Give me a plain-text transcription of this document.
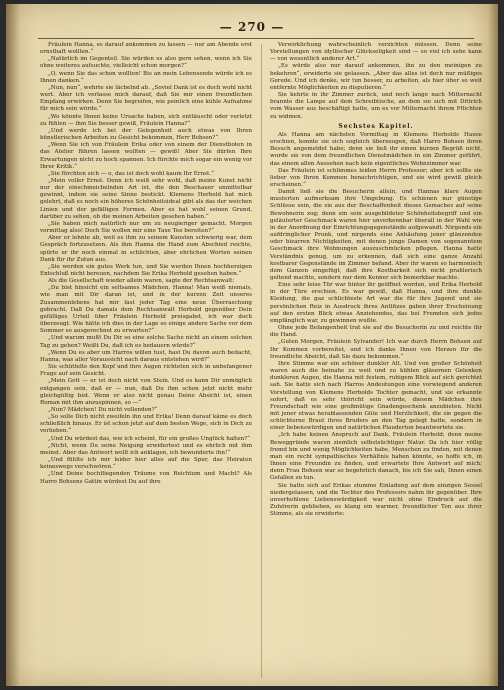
— 270 —

Fräulein Hanna, es darauf ankommen zu lassen — nur am Abende erst ernsthaft wollten.“

„Natürlich im Gegenteil. Sie würden es also gern sehen, wenn ich Sie ohne weiteres aufsuchte, vielleicht schon morgen?“

„O, wenn Sie das schon wollten! Bis an mein Lebensende würde ich es Ihnen danken.“

„Nun, nun“, wehrte sie lächelnd ab. „Soviel Dank ist es doch wohl nicht wert. Aber ich verlasse mich darauf, daß Sie mir einen freundlichen Empfang erwirken. Denn Sie begreifen, wie peinlich eine kühle Aufnahme für mich sein würde.“

„Wo könnte Ihnen keine Ursache haben, sich enttäuscht oder verletzt zu fühlen — ihm Sie besser gewiß, Fräulein Hanna?“

„Und werde ich bei der Gelegenheit auch etwas von Ihren künstlerischen Arbeiten zu Gesicht bekommen, Herr Bohsen?“

„Wenn Sie ich von Fräulein Erika oder von einem der Dienstboten in das Atelier führen lassen wollten — gewiß! Aber Sie dürfen Ihre Erwartungen nicht zu hoch spannen. Ich fürchte mich sogar ein wenig vor Ihrer Kritik.“

„Sie fürchten sich — o, das ist doch wohl kaum Ihr Ernst.“

„Mein voller Ernst. Denn ich weiß sehr wohl, daß meine Kunst nicht nur der einschmeichelnden Art ist, die den Beschauer unmittelbar gewinnt, indem sie seine Sinne bestickt. Klemens Herbold hat mich gelehrt, daß es noch ein höheres Schönheitsideal gibt als das der weichen Linien und der gefälligen Formen. Aber es hat wohl seinen Grund, darüber zu sehen, ob die meinen Arbeiten gesehen haben.“

„Sie haben mich natürlich nur um zu neugieriger gemacht. Morgen vormittag also! Doch Sie wollen mir eine Taxe Tee bereiten?“

Aber er lehnte ab, weil es ihm zu seinem Kunsten schwierig war, dem Gespräch fortzusetzen. Als ihm Hanna die Hand zum Abschied reichte, spürte er ihr noch einmal in schlichten, aber ehrlichen Worten seinen Dank für ihr Zutun aus.

„Sie werden ein gutes Werk tun, und Sie werden Ihnen hochherzigen Entschluß nicht bereuen, nachdem Sie Erika Herbold gesehen haben.“

Als die Gesellschaft wieder allein waren, sagte der Rechtsanwalt:

„Du bist hinsicht ein seltsames Mädchen, Hanna! Man weiß niemals, wie man mit Dir daran ist, und in der kurzen Zeit unseres Zusammenlebens hat mir fast jeder Tag eine neue Überraschung gebracht. Daß Du damals dem Rechtsanwalt Herbold gegenüber Dein gefälliges Urteil über Fräulein Herbold preisgabst, ich war doch überzeugt. Wie hätte ich dies in der Lage so einige andere Sache vor dem Sommer so ausgerechnet zu erwarten?“

„Und warum mußt Du Dir so eine solche Sache nicht an einem solchen Tag zu gehen? Weißt Du, daß ich es bedauern würde?“

„Wenn Du es aber um Harros willen tust, hast Du davon auch bedacht, Hanna, was aller Voraussicht nach daraus entstehen wird?“

Sie schüttelte den Kopf und ihre Augen richteten sich in unbefangener Frage auf sein Gesicht.

„Mein Gott — er ist doch nicht von Stein. Und es kann Dir unmöglich entgangen sein, daß er — nun, daß Du ihm schon jetzt nicht mehr gleichgültig bist. Wenn er also nicht genau Deine Absicht ist, einen Roman mit ihm anzuspinnen, so —“

„Nun? Mädchen! Du nicht vollenden?“

„So solle Dich nicht zweifeln ihn und Erika! Denn darauf käme es doch schließlich hinaus. Er ist schon jetzt auf dem besten Wege, sich in Dich zu verlieben.“

„Und Du würdest das, wie ich scheint, für ein großes Unglück halten?“

„Nicht, wenn Du seine Neigung erwidertest und es ehrlich mit ihm meinst. Aber das Antwort wollt ich anklagen, ich bewunderte ihn!“

„Und fühlte ich mir leider hier alles auf die Spur, das Heiraten keineswegs verschwören.“

„Und Deine hochfliegenden Träume von Reichtum und Macht? Als Harro Bohsens Gattin würdest Du auf ihre

Verwirklichung wahrscheinlich verzichten müssen. Denn seine Vorstellungen von idyllischer Glückseligkeit sind — so viel ich sehe kann — von wesentlich anderer Art.“

„Es würde also nur darauf ankommen, ihn zu den meinigen zu bekehren“, erwiderte sie gelassen. „Aber das alles ist doch nur müßiges Gerede. Und ich denke, wir tun besser, zu arbeiten, als hier über so weit entfernte Möglichkeiten zu disputieren.“

Sie kehrte in ihr Zimmer zurück, und noch lange nach Mitternacht brannte die Lampe auf dem Schreibtische, an dem sie sich mit Dittrich vom Wasser aus beschäftigt hatte, um es vor Mitternacht ihrem Pflichten zu widmen.

Sechstes Kapitel.

Als Hanna am nächsten Vormittag in Klemens Herbolds Hause erschien, konnte sie sich sogleich überzeugen, daß Harro Bohsen ihren Besuch angemeldet habe; denn sie ließ ihr einen kurzen Begrüß nicht, wurde sie von dem freundlichen Dienstmädchen in ein Zimmer geführt, das einem allen Aussehen nach kein eigentliches Wohnzimmer war.

Das Fräulein ist schlimmes leiden Herrn Professor; aber ich sollte sie lieber von Ihren Kommen benachrichtigen, und sie wird gewiß gleich erscheinen.“

Damit ließ sie die Besucherin allein, und Hannas klare Augen musterten aufmerksam ihre Umgebung. Es schienen nur günstige Schlüsse sein, die sie aus der Beschaffenheit dieses Gemaches auf seine Bewohnerin zog; denn ein sein ausgebildeter Schönheitsbegriff und ein geläuterter Geschmack waren hier unverkennbar überall in der Wahl wie in der Anordnung der Einrichtungsgegenstände aufgewandt. Nirgends ein aufdringlicher Prunk, und nirgends eine Anhäufung jener glänzenden oder bizarren Nichtigkeiten, mit denen junge Damen von sogenanntem Geschmack ihre Wohnungen auszuschmücken pflegen. Hanna hatte Verständnis genug, um zu erkennen, daß sich eine ganze Anzahl kostbarer Gegenstände im Zimmer befand. Aber ihr waren so harmonisch dem Ganzen eingefügt, daß ihre Kostbarkeit sich nicht prahlerisch geltend machte, sondern nur dem Kenner sich bemerkbar machte.

Eine sehr leise Tür war hinter ihr geöffnet worden, und Erika Herbold in der Türe erschien. Es war gewiß, daß Hanna, und ihre dunkle Kleidung, die gaz schlichteste Art war die für ihre Jugend und sie persönlichen Reiz in Ausdruck ihres Antlitzes gaben ihrer Erscheinung auf den ersten Blick etwas Anziehendes, das bei Fremden sich jedes empfänglich war, zu gewinnen wußte.

Ohne jede Befangenheit trat sie auf die Besucherin zu und reichte ihr die Hand.

„Guten Morgen, Fräulein Sylvander! Ich war durch Herrn Bohsen auf Ihr Kommen vorbereitet, und ich danke Ihnen von Herzen für die freundliche Absicht, daß Sie dazu bekommen.“

Ihre Stimme war ein schöner dunkler Alt. Und von großer Schönheit waren auch die beinahe zu weit und zu kühlen gläsernen Gelenken dunkleren Augen, die Hanna mit festem, ruhigem Blick auf sich gerichtet sah. Sie hatte sich nach Harros Andeutungen eine vorwiegend anderen Vorstellung von Klemens Herbolds Tochter gemacht, und sie erkannte sofort, daß es sehr thöricht sein würde, diesem Mädchen ihre Freundschaft wie eine großmütige Gnadengeschenk anzubieten. Nicht mit jener etwas herablassenden Güte und Herzlichkeit, die sie gegen die schüchterne Braut ihres Bruders an den Tag gelegt hatte, sondern in einer liebenswürdigen und natürlichen Plauderton beantwortete sie.

„Ich habe keinen Anspruch auf Dank, Fräulein Herbold; denn meine Beweggründe waren ziemlich selbstsüchtiger Natur. Da ich hier völlig fremd bin und wenig Möglichkeiten habe, Menschen zu finden, mit denen man ein recht sympathisches Verhältnis haben könnte, so hoffe ich, in Ihnen eine Freundin zu finden, und erwartete Ihre Antwort auf mich; denn Frau Bohsen war so begehrlich danach, bis ich Sie sah, Ihnen einen Gefallen zu tun.

Sie hatte sich auf Erikas stumme Einladung auf dem einzigen Sessel niedergelassen, und die Tochter des Professors nahm ihr gegenüber. Ihre unverhohlene Liebenswürdigkeit war nicht ohne Eindruck auf die Zuhörerin geblieben, es klang ein warmer, freundlicher Ton aus ihrer Stimme, als sie erwiderte:
